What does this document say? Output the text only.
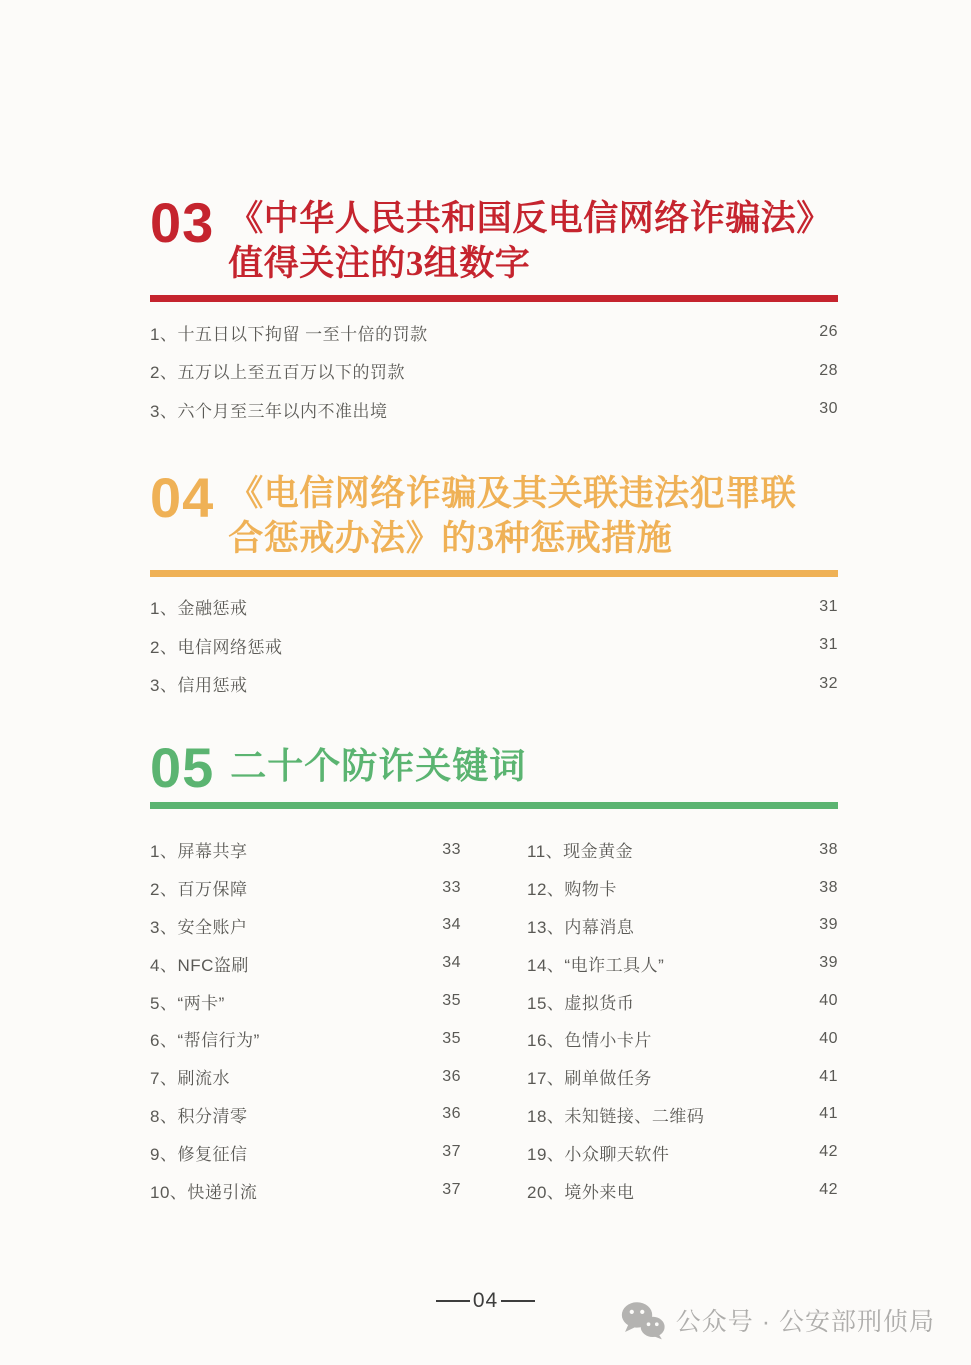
03 《中华人民共和国反电信网络诈骗法》
值得关注的3组数字
1、十五日以下拘留 一至十倍的罚款	26
2、五万以上至五百万以下的罚款	28
3、六个月至三年以内不准出境	30
04 《电信网络诈骗及其关联违法犯罪联
合惩戒办法》的3种惩戒措施
1、金融惩戒	31
2、电信网络惩戒	31
3、信用惩戒	32
05 二十个防诈关键词
1、屏幕共享	33
2、百万保障	33
3、安全账户	34
4、NFC盗刷	34
5、“两卡”	35
6、“帮信行为”	35
7、刷流水	36
8、积分清零	36
9、修复征信	37
10、快递引流	37
11、现金黄金	38
12、购物卡	38
13、内幕消息	39
14、“电诈工具人”	39
15、虚拟货币	40
16、色情小卡片	40
17、刷单做任务	41
18、未知链接、二维码	41
19、小众聊天软件	42
20、境外来电	42
04
公众号 · 公安部刑侦局
